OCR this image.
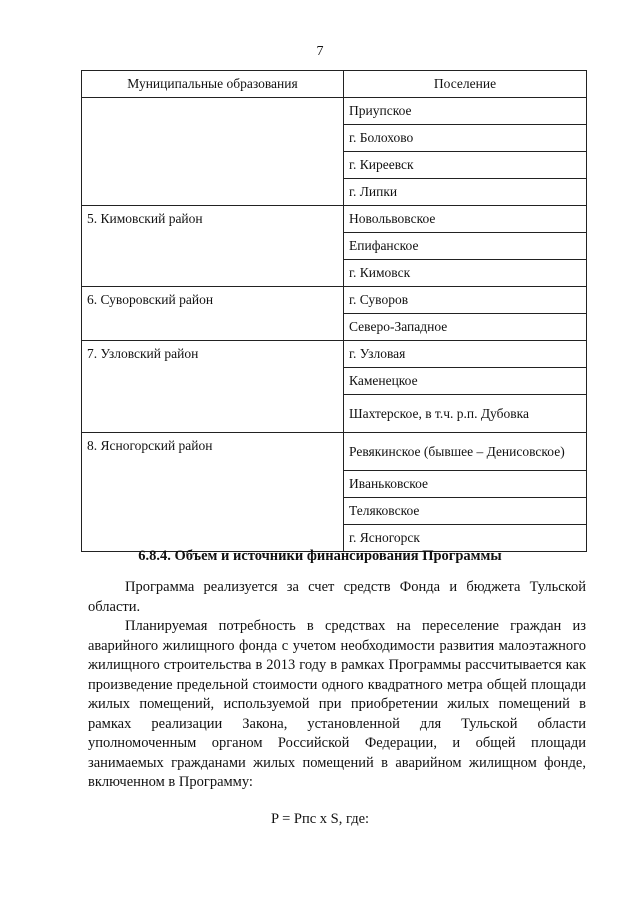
7
Муниципальные образования	Поселение
	Приупское
	г. Болохово
	г. Киреевск
	г. Липки
5. Кимовский район	Новольвовское
	Епифанское
	г. Кимовск
6. Суворовский район	г. Суворов
	Северо-Западное
7. Узловский район	г. Узловая
	Каменецкое
	Шахтерское, в т.ч. р.п. Дубовка
8. Ясногорский район	Ревякинское (бывшее – Денисовское)
	Иваньковское
	Теляковское
	г. Ясногорск
6.8.4. Объем и источники финансирования Программы
Программа реализуется за счет средств Фонда и бюджета Тульской области.
Планируемая потребность в средствах на переселение граждан из аварийного жилищного фонда с учетом необходимости развития малоэтажного жилищного строительства в 2013 году в рамках Программы рассчитывается как произведение предельной стоимости одного квадратного метра общей площади жилых помещений, используемой при приобретении жилых помещений в рамках реализации Закона, установленной для Тульской области уполномоченным органом Российской Федерации, и общей площади занимаемых гражданами жилых помещений в аварийном жилищном фонде, включенном в Программу:
P = Pпс x S, где:
